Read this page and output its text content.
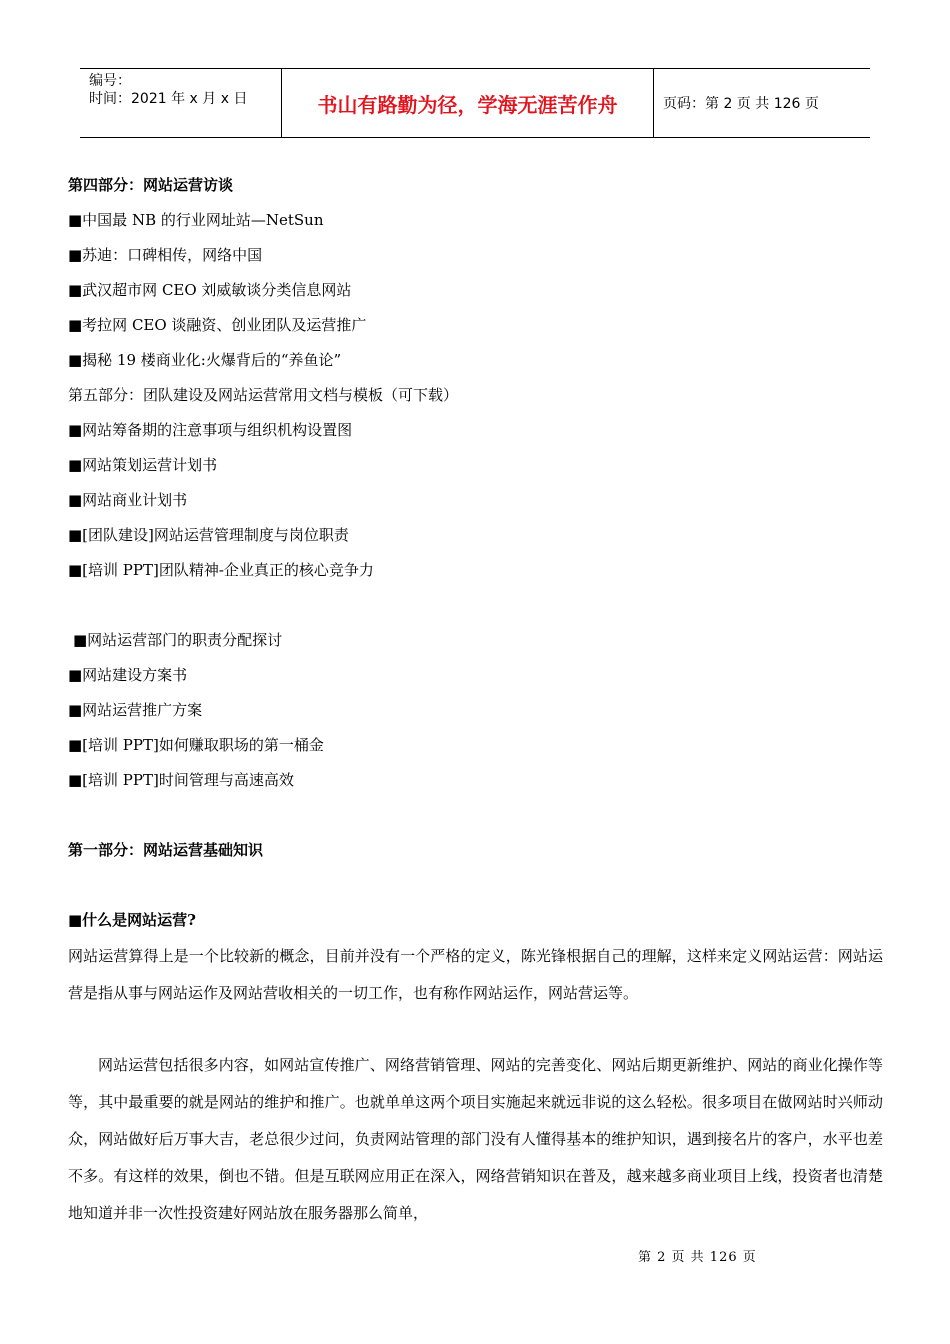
编号：
时间：2021 年 x 月 x 日	书山有路勤为径，学海无涯苦作舟	页码：第 2 页 共 126 页
第四部分：网站运营访谈
■中国最 NB 的行业网址站—NetSun
■苏迪：口碑相传，网络中国
■武汉超市网 CEO 刘威敏谈分类信息网站
■考拉网 CEO 谈融资、创业团队及运营推广
■揭秘 19 楼商业化:火爆背后的“养鱼论”
第五部分：团队建设及网站运营常用文档与模板（可下载）
■网站筹备期的注意事项与组织机构设置图
■网站策划运营计划书
■网站商业计划书
■[团队建设]网站运营管理制度与岗位职责
■[培训 PPT]团队精神-企业真正的核心竞争力
■网站运营部门的职责分配探讨
■网站建设方案书
■网站运营推广方案
■[培训 PPT]如何赚取职场的第一桶金
■[培训 PPT]时间管理与高速高效
第一部分：网站运营基础知识
■什么是网站运营?

网站运营算得上是一个比较新的概念，目前并没有一个严格的定义，陈光锋根据自己的理解，这样来定义网站运营：网站运营是指从事与网站运作及网站营收相关的一切工作，也有称作网站运作，网站营运等。

网站运营包括很多内容，如网站宣传推广、网络营销管理、网站的完善变化、网站后期更新维护、网站的商业化操作等等，其中最重要的就是网站的维护和推广。也就单单这两个项目实施起来就远非说的这么轻松。很多项目在做网站时兴师动众，网站做好后万事大吉，老总很少过问，负责网站管理的部门没有人懂得基本的维护知识，遇到接名片的客户，水平也差不多。有这样的效果，倒也不错。但是互联网应用正在深入，网络营销知识在普及，越来越多商业项目上线，投资者也清楚地知道并非一次性投资建好网站放在服务器那么简单，

第 2 页 共 126 页
